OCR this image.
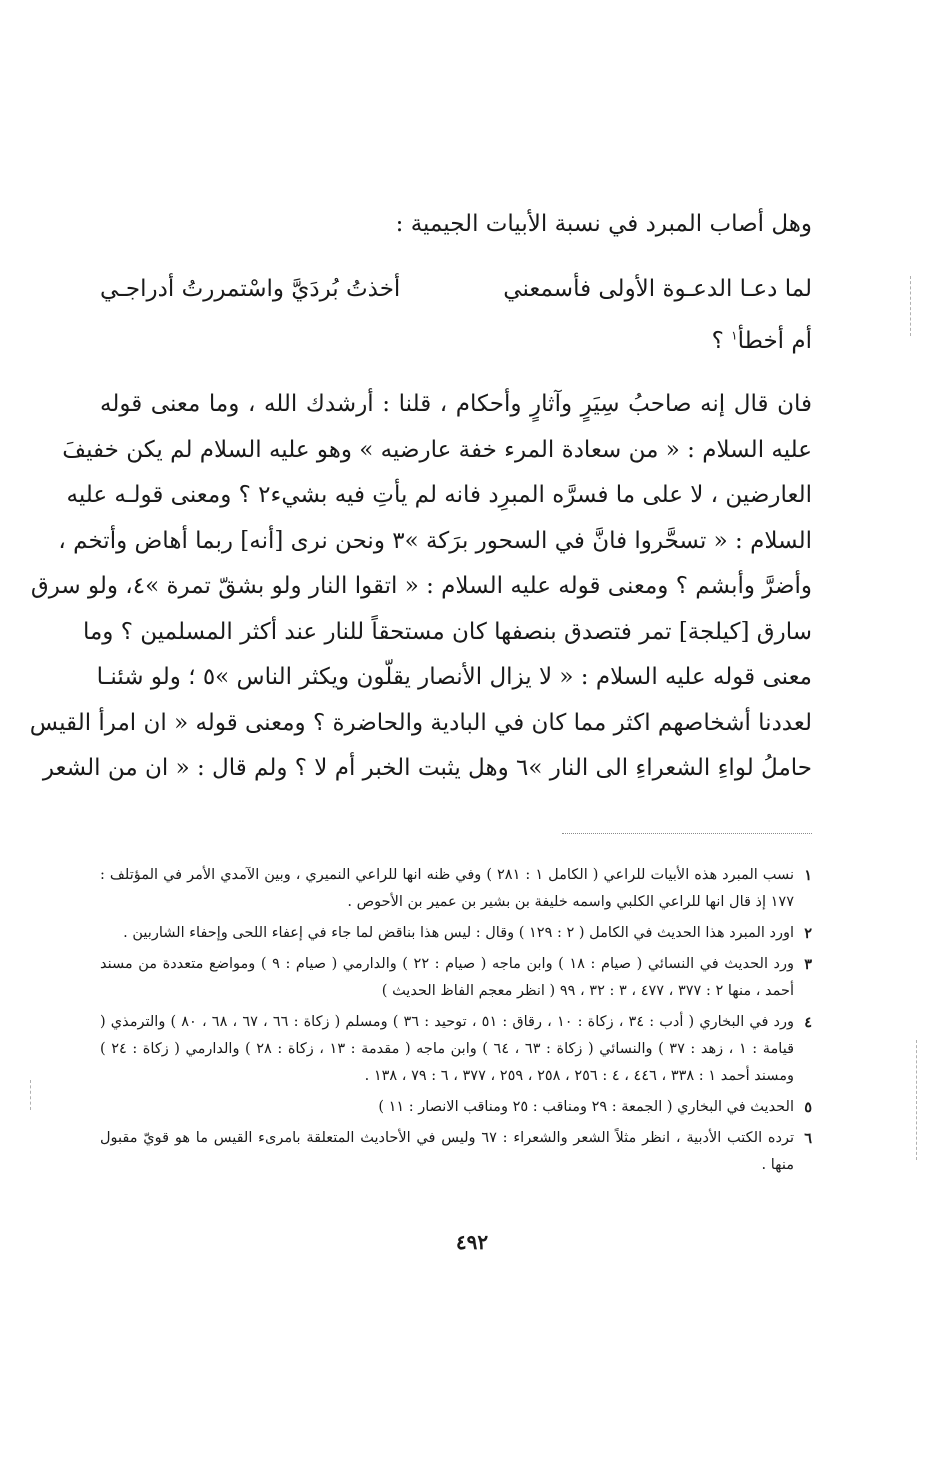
وهل أصاب المبرد في نسبة الأبيات الجيمية :

لما دعـا الدعـوة الأولى فأسمعني
أخذتُ بُردَيَّ واسْتمررتُ أدراجـي

أم أخطأ$^١$ ؟

فان قال إنه صاحبُ سِيَرٍ وآثارٍ وأحكام ، قلنا : أرشدك الله ، وما معنى قوله
عليه السلام : « من سعادة المرء خفة عارضيه » وهو عليه السلام لم يكن خفيفَ
العارضين ، لا على ما فسرَّه المبرِد فانه لم يأتِ فيه بشيء٢ ؟ ومعنى قولـه عليه
السلام : « تسحَّروا فانَّ في السحور برَكة »٣ ونحن نرى [أنه] ربما أهاض وأتخم ،
وأضرَّ وأبشم ؟ ومعنى قوله عليه السلام : « اتقوا النار ولو بشقّ تمرة »٤، ولو سرق
سارق [كيلجة] تمر فتصدق بنصفها كان مستحقاً للنار عند أكثر المسلمين ؟ وما
معنى قوله عليه السلام : « لا يزال الأنصار يقلّون ويكثر الناس »٥ ؛ ولو شئنـا
لعددنا أشخاصهم اكثر مما كان في البادية والحاضرة ؟ ومعنى قوله « ان امرأ القيس
حاملُ لواءِ الشعراءِ الى النار »٦ وهل يثبت الخبر أم لا ؟ ولم قال : « ان من الشعر
١
نسب المبرد هذه الأبيات للراعي ( الكامل ١ : ٢٨١ ) وفي ظنه انها للراعي النميري ، وبين الآمدي الأمر في المؤتلف : ١٧٧ إذ قال انها للراعي الكلبي واسمه خليفة بن بشير بن عمير بن الأحوص .
٢
اورد المبرد هذا الحديث في الكامل ( ٢ : ١٢٩ ) وقال : ليس هذا بناقض لما جاء في إعفاء اللحى وإحفاء الشاربين .
٣
ورد الحديث في النسائي ( صيام : ١٨ ) وابن ماجه ( صيام : ٢٢ ) والدارمي ( صيام : ٩ ) ومواضع متعددة من مسند أحمد ، منها ٢ : ٣٧٧ ، ٤٧٧ ، ٣ : ٣٢ ، ٩٩ ( انظر معجم الفاظ الحديث )
٤
ورد في البخاري ( أدب : ٣٤ ، زكاة : ١٠ ، رقاق : ٥١ ، توحيد : ٣٦ ) ومسلم ( زكاة : ٦٦ ، ٦٧ ، ٦٨ ، ٨٠ ) والترمذي ( قيامة : ١ ، زهد : ٣٧ ) والنسائي ( زكاة : ٦٣ ، ٦٤ ) وابن ماجه ( مقدمة : ١٣ ، زكاة : ٢٨ ) والدارمي ( زكاة : ٢٤ ) ومسند أحمد ١ : ٣٣٨ ، ٤٤٦ ، ٤ : ٢٥٦ ، ٢٥٨ ، ٢٥٩ ، ٣٧٧ ، ٦ : ٧٩ ، ١٣٨ .
٥
الحديث في البخاري ( الجمعة : ٢٩ ومناقب : ٢٥ ومناقب الانصار : ١١ )
٦
ترده الكتب الأدبية ، انظر مثلاً الشعر والشعراء : ٦٧ وليس في الأحاديث المتعلقة بامرىء القيس ما هو قويّ مقبول منها .
٤٩٢
